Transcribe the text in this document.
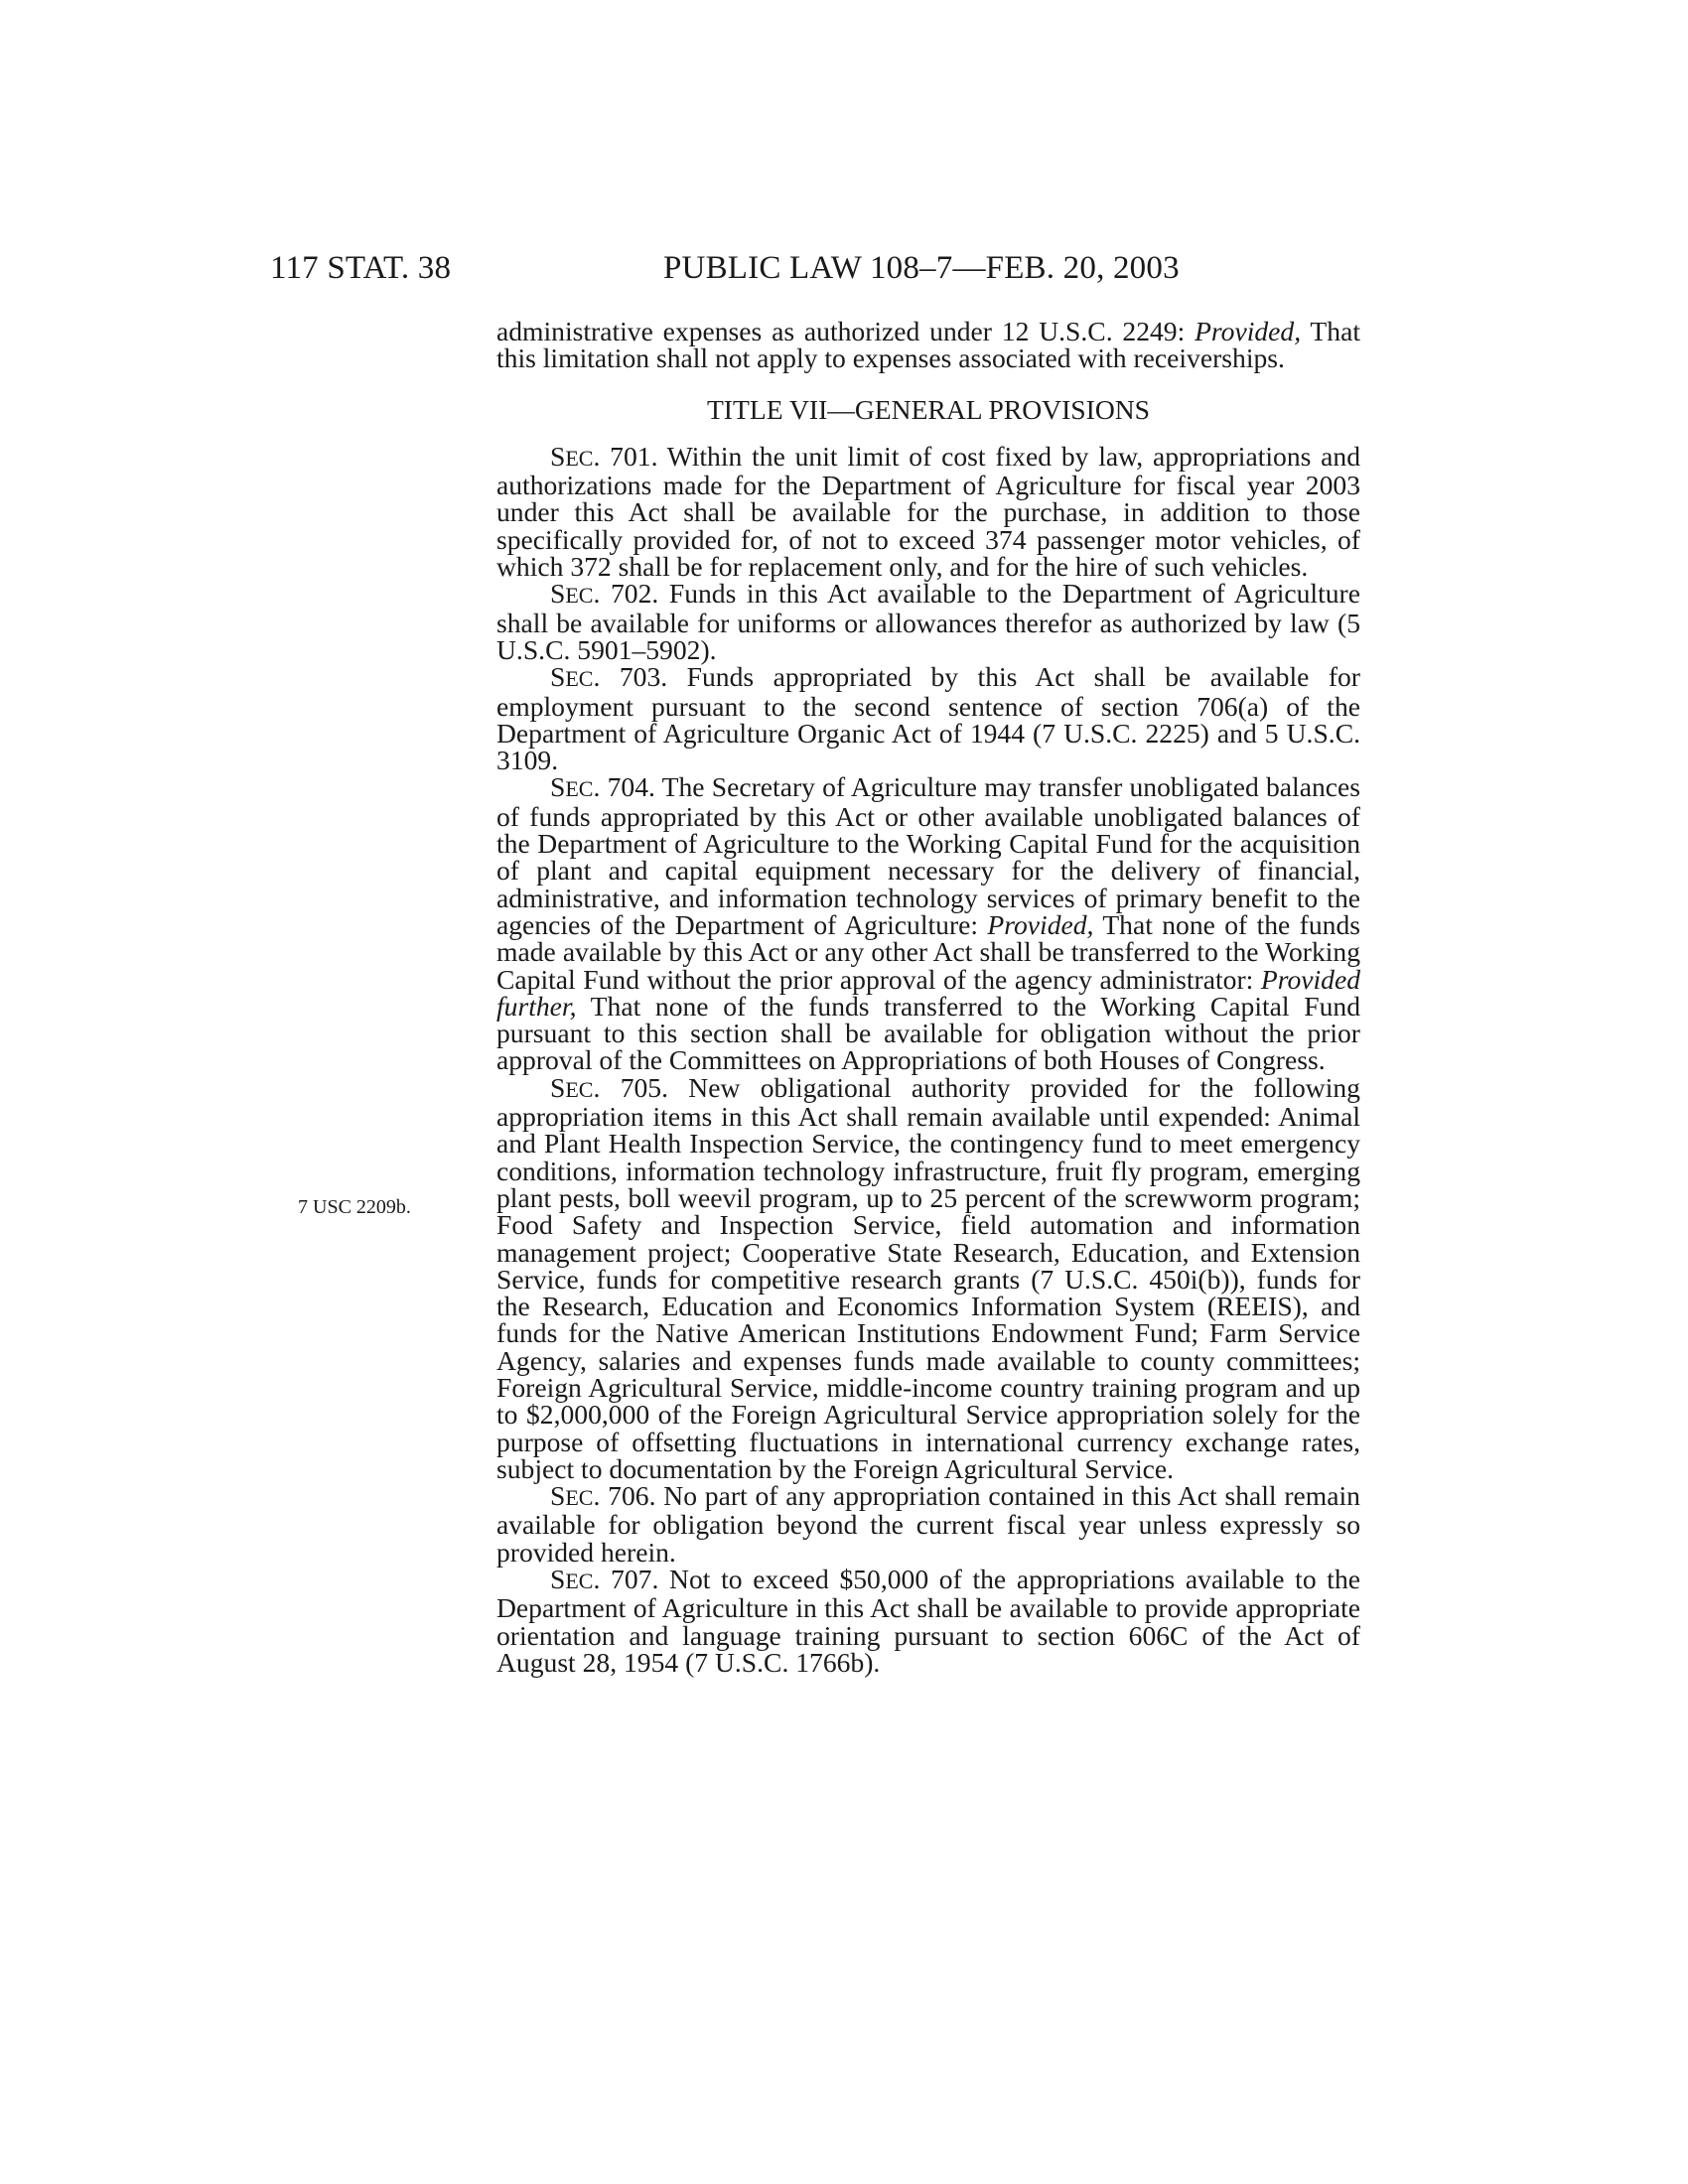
117 STAT. 38	PUBLIC LAW 108–7—FEB. 20, 2003
7 USC 2209b.

administrative expenses as authorized under 12 U.S.C. 2249: Provided, That this limitation shall not apply to expenses associated with receiverships.

TITLE VII—GENERAL PROVISIONS

SEC. 701. Within the unit limit of cost fixed by law, appropriations and authorizations made for the Department of Agriculture for fiscal year 2003 under this Act shall be available for the purchase, in addition to those specifically provided for, of not to exceed 374 passenger motor vehicles, of which 372 shall be for replacement only, and for the hire of such vehicles.

SEC. 702. Funds in this Act available to the Department of Agriculture shall be available for uniforms or allowances therefor as authorized by law (5 U.S.C. 5901–5902).

SEC. 703. Funds appropriated by this Act shall be available for employment pursuant to the second sentence of section 706(a) of the Department of Agriculture Organic Act of 1944 (7 U.S.C. 2225) and 5 U.S.C. 3109.

SEC. 704. The Secretary of Agriculture may transfer unobligated balances of funds appropriated by this Act or other available unobligated balances of the Department of Agriculture to the Working Capital Fund for the acquisition of plant and capital equipment necessary for the delivery of financial, administrative, and information technology services of primary benefit to the agencies of the Department of Agriculture: Provided, That none of the funds made available by this Act or any other Act shall be transferred to the Working Capital Fund without the prior approval of the agency administrator: Provided further, That none of the funds transferred to the Working Capital Fund pursuant to this section shall be available for obligation without the prior approval of the Committees on Appropriations of both Houses of Congress.

SEC. 705. New obligational authority provided for the following appropriation items in this Act shall remain available until expended: Animal and Plant Health Inspection Service, the contingency fund to meet emergency conditions, information technology infrastructure, fruit fly program, emerging plant pests, boll weevil program, up to 25 percent of the screwworm program; Food Safety and Inspection Service, field automation and information management project; Cooperative State Research, Education, and Extension Service, funds for competitive research grants (7 U.S.C. 450i(b)), funds for the Research, Education and Economics Information System (REEIS), and funds for the Native American Institutions Endowment Fund; Farm Service Agency, salaries and expenses funds made available to county committees; Foreign Agricultural Service, middle-income country training program and up to $2,000,000 of the Foreign Agricultural Service appropriation solely for the purpose of offsetting fluctuations in international currency exchange rates, subject to documentation by the Foreign Agricultural Service.

SEC. 706. No part of any appropriation contained in this Act shall remain available for obligation beyond the current fiscal year unless expressly so provided herein.

SEC. 707. Not to exceed $50,000 of the appropriations available to the Department of Agriculture in this Act shall be available to provide appropriate orientation and language training pursuant to section 606C of the Act of August 28, 1954 (7 U.S.C. 1766b).
